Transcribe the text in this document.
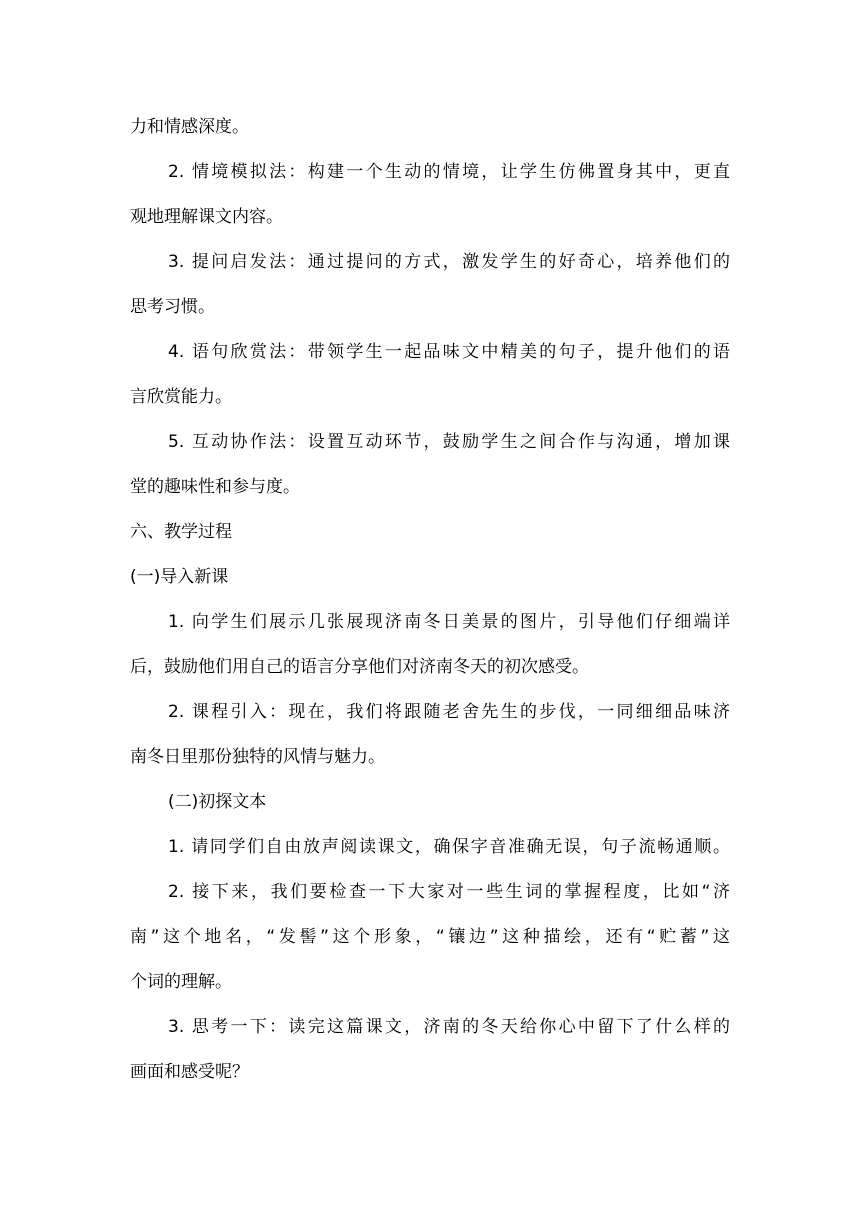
力和情感深度。
2. 情境模拟法：构建一个生动的情境，让学生仿佛置身其中，更直
观地理解课文内容。
3. 提问启发法：通过提问的方式，激发学生的好奇心，培养他们的
思考习惯。
4. 语句欣赏法：带领学生一起品味文中精美的句子，提升他们的语
言欣赏能力。
5. 互动协作法：设置互动环节，鼓励学生之间合作与沟通，增加课
堂的趣味性和参与度。
六、教学过程
(一)导入新课
1. 向学生们展示几张展现济南冬日美景的图片，引导他们仔细端详
后，鼓励他们用自己的语言分享他们对济南冬天的初次感受。
2. 课程引入：现在，我们将跟随老舍先生的步伐，一同细细品味济
南冬日里那份独特的风情与魅力。
(二)初探文本
1. 请同学们自由放声阅读课文，确保字音准确无误，句子流畅通顺。
2. 接下来，我们要检查一下大家对一些生词的掌握程度，比如“济
南”这个地名，“发髻”这个形象，“镶边”这种描绘，还有“贮蓄”这
个词的理解。
3. 思考一下：读完这篇课文，济南的冬天给你心中留下了什么样的
画面和感受呢？
